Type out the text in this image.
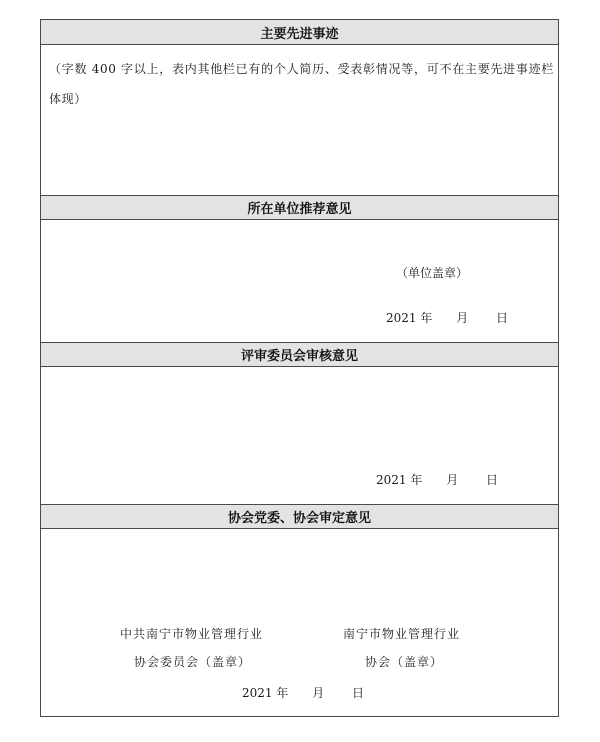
主要先进事迹
（字数 400 字以上，表内其他栏已有的个人简历、受表彰情况等，可不在主要先进事迹栏体现）
所在单位推荐意见
（单位盖章）
2021 年 月 日
评审委员会审核意见
2021 年 月 日
协会党委、协会审定意见
中共南宁市物业管理行业
协会委员会（盖章）
南宁市物业管理行业
协会（盖章）
2021 年 月 日
